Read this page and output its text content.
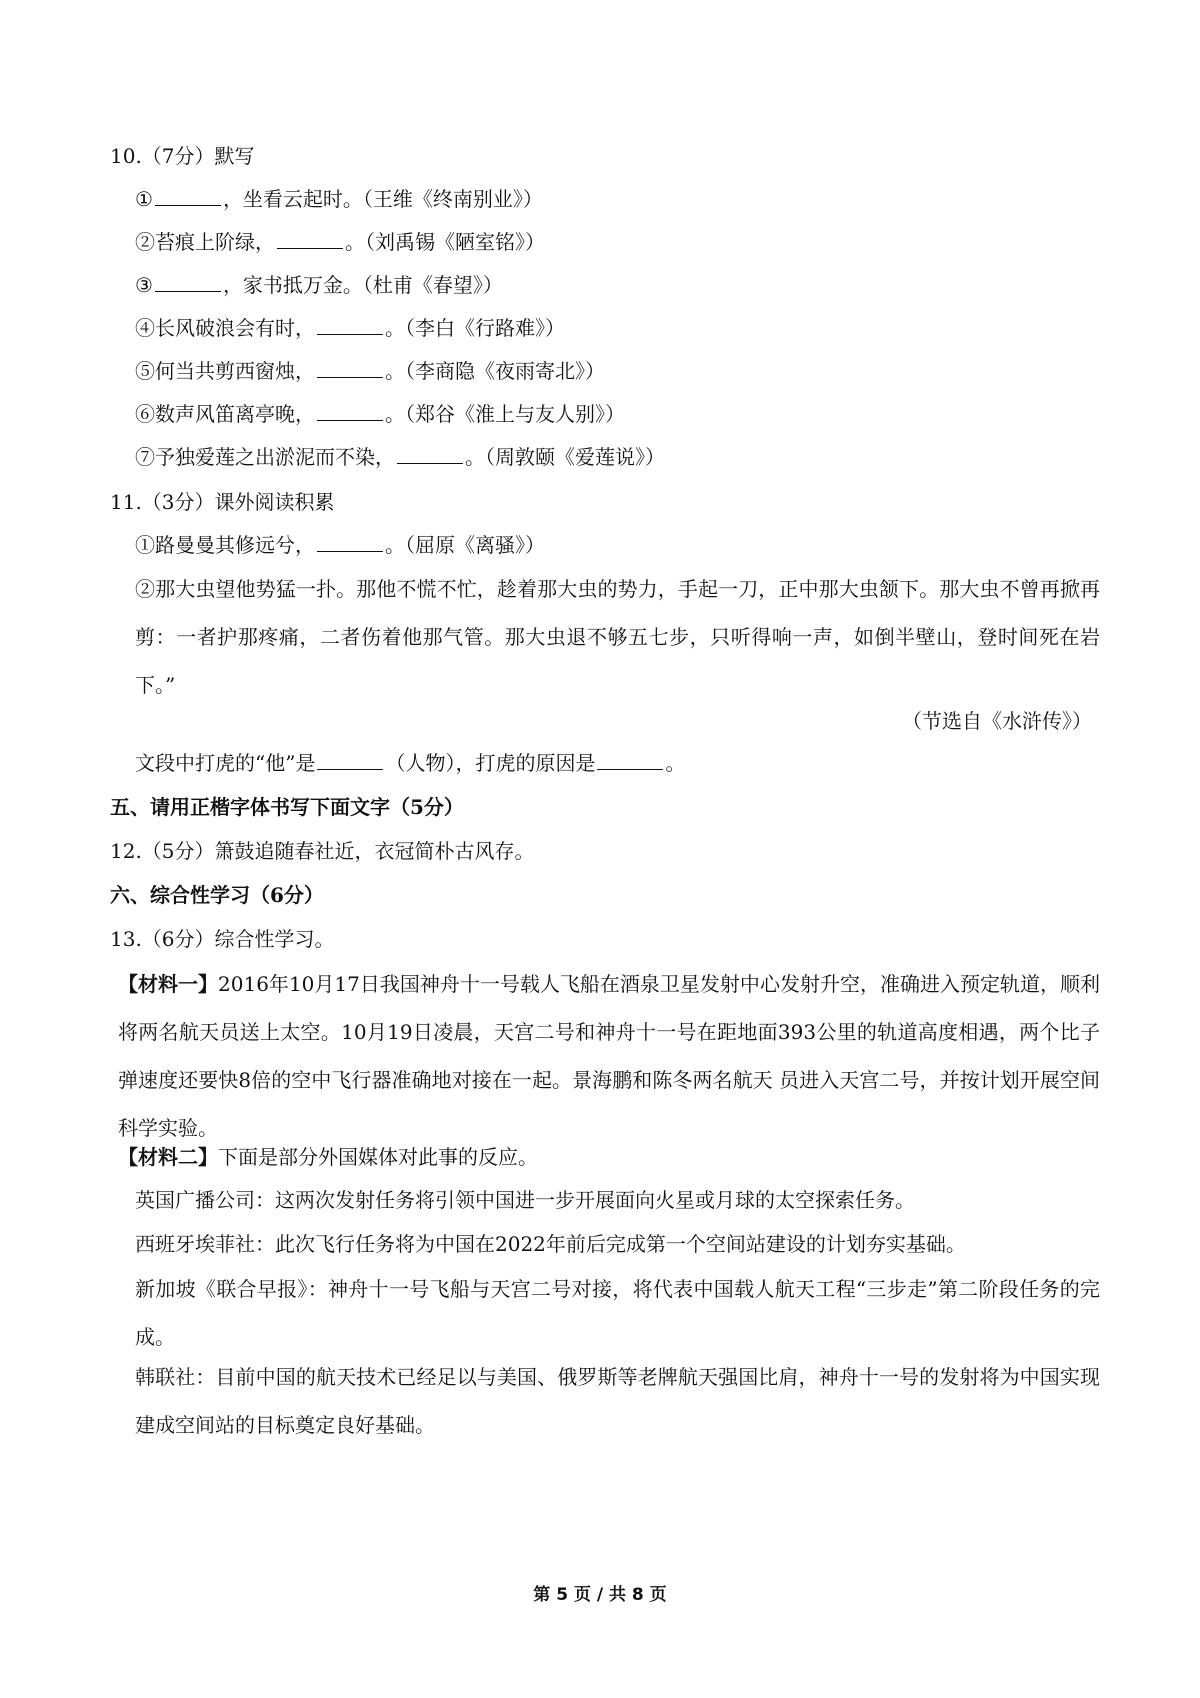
10.（7分）默写
①	，坐看云起时。（王维《终南别业》）
②苔痕上阶绿，	。（刘禹锡《陋室铭》）
③	，家书抵万金。（杜甫《春望》）
④长风破浪会有时，	。（李白《行路难》）
⑤何当共剪西窗烛，	。（李商隐《夜雨寄北》）
⑥数声风笛离亭晚，	。（郑谷《淮上与友人别》）
⑦予独爱莲之出淤泥而不染，	。（周敦颐《爱莲说》）
11.（3分）课外阅读积累
①路曼曼其修远兮，	。（屈原《离骚》）
②那大虫望他势猛一扑。那他不慌不忙，趁着那大虫的势力，手起一刀，正中那大虫颔下。那大虫不曾再掀再剪：一者护那疼痛，二者伤着他那气管。那大虫退不够五七步，只听得响一声，如倒半壁山，登时间死在岩下。”
（节选自《水浒传》）
文段中打虎的“他”是	（人物），打虎的原因是	。
五、请用正楷字体书写下面文字（5分）
12.（5分）箫鼓追随春社近，衣冠简朴古风存。
六、综合性学习（6分）
13.（6分）综合性学习。
【材料一】2016年10月17日我国神舟十一号载人飞船在酒泉卫星发射中心发射升空，准确进入预定轨道，顺利将两名航天员送上太空。10月19日凌晨，天宫二号和神舟十一号在距地面393公里的轨道高度相遇，两个比子弹速度还要快8倍的空中飞行器准确地对接在一起。景海鹏和陈冬两名航天 员进入天宫二号，并按计划开展空间科学实验。
【材料二】下面是部分外国媒体对此事的反应。
英国广播公司：这两次发射任务将引领中国进一步开展面向火星或月球的太空探索任务。
西班牙埃菲社：此次飞行任务将为中国在2022年前后完成第一个空间站建设的计划夯实基础。
新加坡《联合早报》：神舟十一号飞船与天宫二号对接，将代表中国载人航天工程“三步走”第二阶段任务的完成。
韩联社：目前中国的航天技术已经足以与美国、俄罗斯等老牌航天强国比肩，神舟十一号的发射将为中国实现建成空间站的目标奠定良好基础。
第 5 页 / 共 8 页
